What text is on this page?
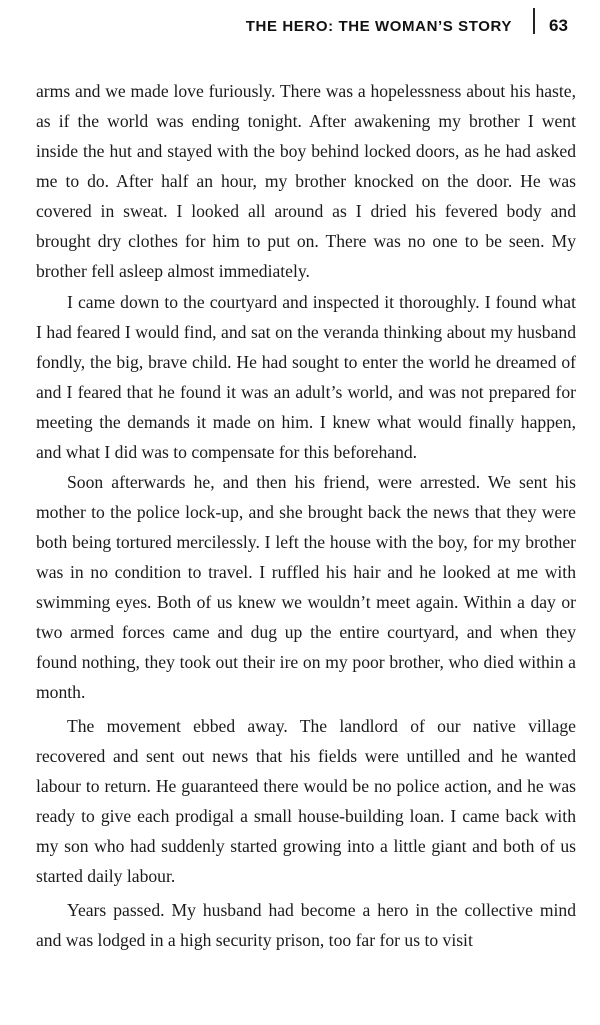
THE HERO: THE WOMAN’S STORY 63

arms and we made love furiously. There was a hopelessness about his haste, as if the world was ending tonight. After awakening my brother I went inside the hut and stayed with the boy behind locked doors, as he had asked me to do. After half an hour, my brother knocked on the door. He was covered in sweat. I looked all around as I dried his fevered body and brought dry clothes for him to put on. There was no one to be seen. My brother fell asleep almost immediately.

I came down to the courtyard and inspected it thoroughly. I found what I had feared I would find, and sat on the veranda thinking about my husband fondly, the big, brave child. He had sought to enter the world he dreamed of and I feared that he found it was an adult’s world, and was not prepared for meeting the demands it made on him. I knew what would finally happen, and what I did was to compensate for this beforehand.

Soon afterwards he, and then his friend, were arrested. We sent his mother to the police lock-up, and she brought back the news that they were both being tortured mercilessly. I left the house with the boy, for my brother was in no condition to travel. I ruffled his hair and he looked at me with swimming eyes. Both of us knew we wouldn’t meet again. Within a day or two armed forces came and dug up the entire courtyard, and when they found nothing, they took out their ire on my poor brother, who died within a month.

The movement ebbed away. The landlord of our native village recovered and sent out news that his fields were untilled and he wanted labour to return. He guaranteed there would be no police action, and he was ready to give each prodigal a small house-building loan. I came back with my son who had suddenly started growing into a little giant and both of us started daily labour.

Years passed. My husband had become a hero in the collective mind and was lodged in a high security prison, too far for us to visit
